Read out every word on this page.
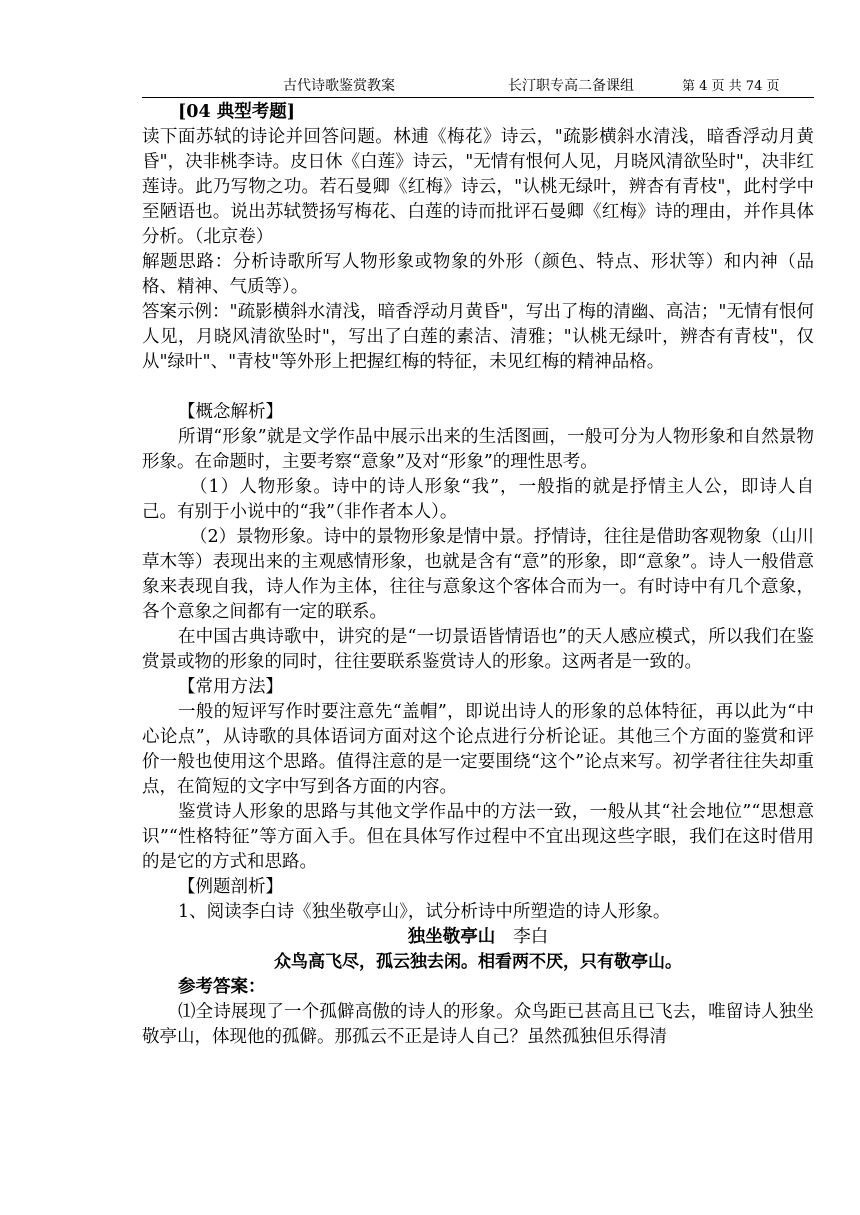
古代诗歌鉴赏教案	长汀职专高二备课组	第 4 页 共 74 页

[04 典型考题]

读下面苏轼的诗论并回答问题。林逋《梅花》诗云，"疏影横斜水清浅，暗香浮动月黄昏"，决非桃李诗。皮日休《白莲》诗云，"无情有恨何人见，月晓风清欲坠时"，决非红莲诗。此乃写物之功。若石曼卿《红梅》诗云，"认桃无绿叶，辨杏有青枝"，此村学中至陋语也。说出苏轼赞扬写梅花、白莲的诗而批评石曼卿《红梅》诗的理由，并作具体分析。（北京卷）

解题思路：分析诗歌所写人物形象或物象的外形（颜色、特点、形状等）和内神（品格、精神、气质等）。

答案示例："疏影横斜水清浅，暗香浮动月黄昏"，写出了梅的清幽、高洁；"无情有恨何人见，月晓风清欲坠时"，写出了白莲的素洁、清雅；"认桃无绿叶，辨杏有青枝"，仅从"绿叶"、"青枝"等外形上把握红梅的特征，未见红梅的精神品格。

【概念解析】

所谓“形象”就是文学作品中展示出来的生活图画，一般可分为人物形象和自然景物形象。在命题时，主要考察“意象”及对“形象”的理性思考。

（1）人物形象。诗中的诗人形象“我”，一般指的就是抒情主人公，即诗人自己。有别于小说中的“我”（非作者本人）。

（2）景物形象。诗中的景物形象是情中景。抒情诗，往往是借助客观物象（山川草木等）表现出来的主观感情形象，也就是含有“意”的形象，即“意象”。诗人一般借意象来表现自我，诗人作为主体，往往与意象这个客体合而为一。有时诗中有几个意象，各个意象之间都有一定的联系。

在中国古典诗歌中，讲究的是“一切景语皆情语也”的天人感应模式，所以我们在鉴赏景或物的形象的同时，往往要联系鉴赏诗人的形象。这两者是一致的。

【常用方法】

一般的短评写作时要注意先“盖帽”，即说出诗人的形象的总体特征，再以此为“中心论点”，从诗歌的具体语词方面对这个论点进行分析论证。其他三个方面的鉴赏和评价一般也使用这个思路。值得注意的是一定要围绕“这个”论点来写。初学者往往失却重点，在简短的文字中写到各方面的内容。

鉴赏诗人形象的思路与其他文学作品中的方法一致，一般从其“社会地位”“思想意识”“性格特征”等方面入手。但在具体写作过程中不宜出现这些字眼，我们在这时借用的是它的方式和思路。

【例题剖析】

1、阅读李白诗《独坐敬亭山》，试分析诗中所塑造的诗人形象。

独坐敬亭山 李白

众鸟高飞尽，孤云独去闲。相看两不厌，只有敬亭山。

参考答案：

⑴全诗展现了一个孤僻高傲的诗人的形象。众鸟距已甚高且已飞去，唯留诗人独坐敬亭山，体现他的孤僻。那孤云不正是诗人自己？虽然孤独但乐得清
